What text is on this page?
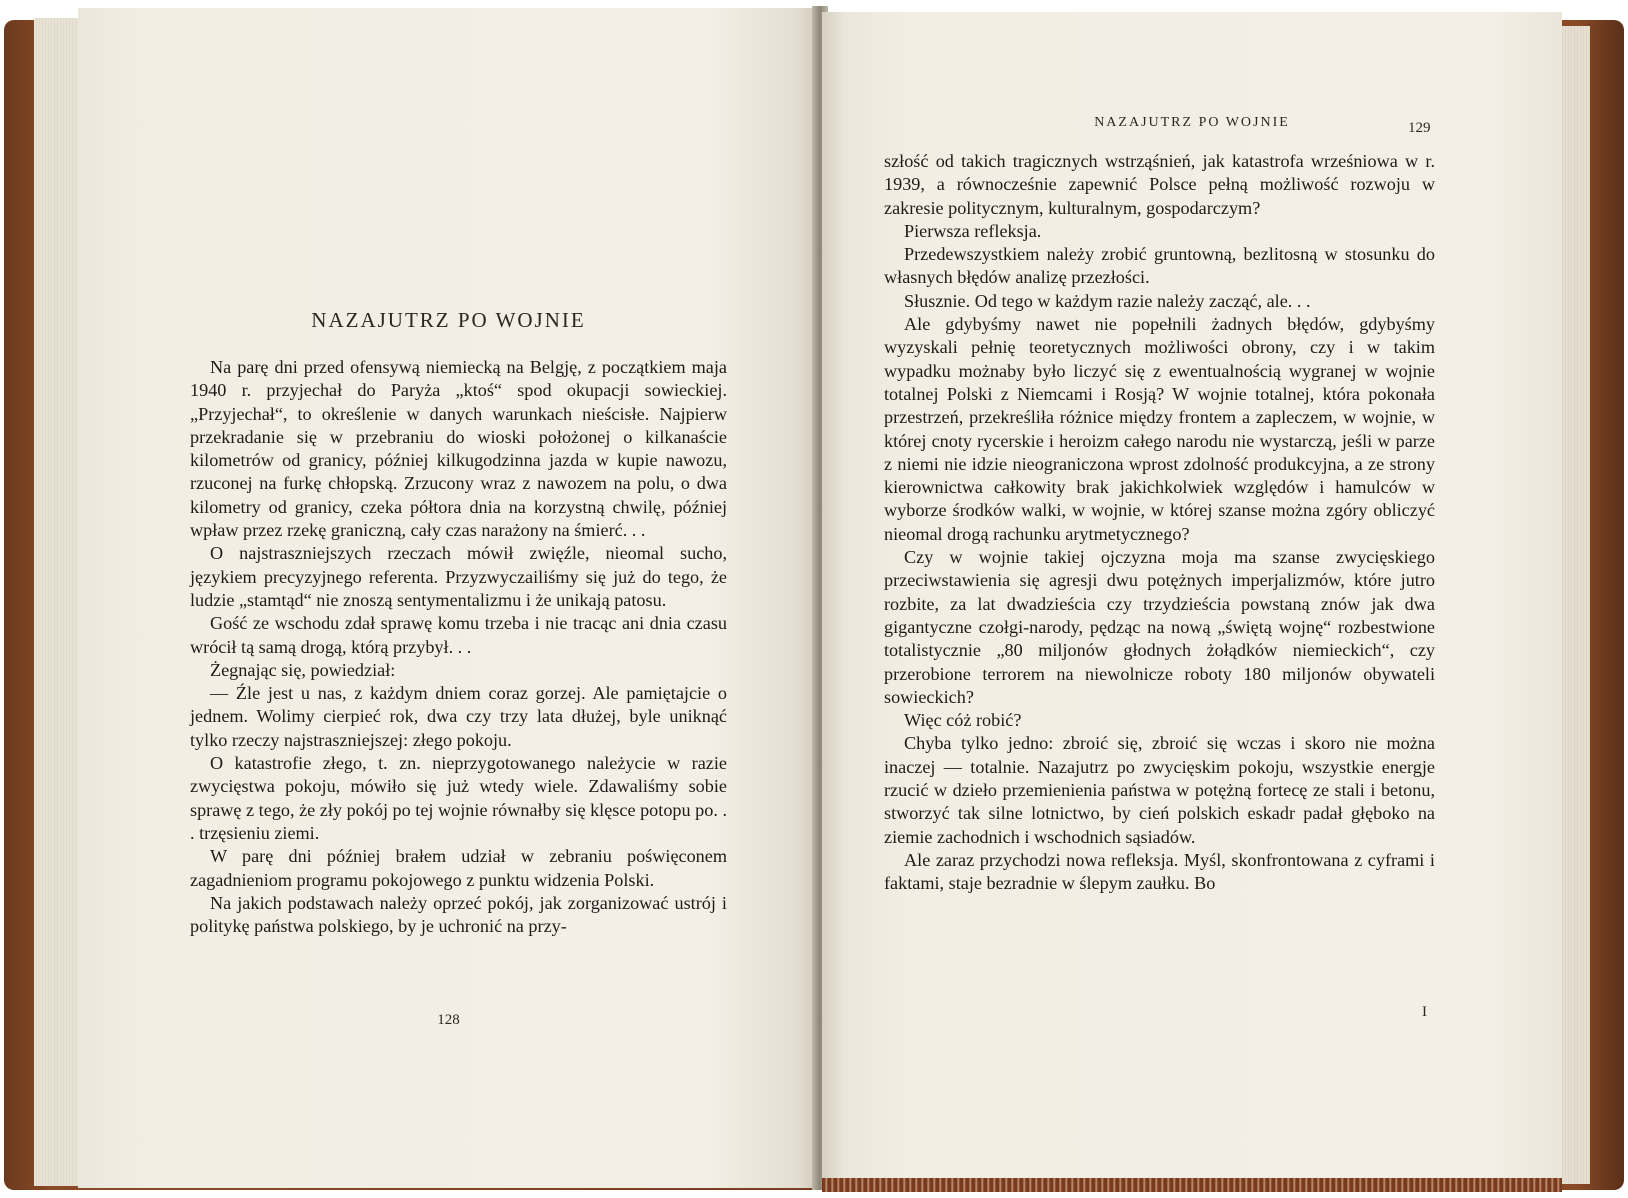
NAZAJUTRZ PO WOJNIE

Na parę dni przed ofensywą niemiecką na Belgję, z początkiem maja 1940 r. przyjechał do Paryża „ktoś“ spod okupacji sowieckiej. „Przyjechał“, to określenie w danych warunkach nieścisłe. Najpierw przekradanie się w przebraniu do wioski położonej o kilkanaście kilometrów od granicy, później kilkugodzinna jazda w kupie nawozu, rzuconej na furkę chłopską. Zrzucony wraz z nawozem na polu, o dwa kilometry od granicy, czeka półtora dnia na korzystną chwilę, później wpław przez rzekę graniczną, cały czas narażony na śmierć. . .

O najstraszniejszych rzeczach mówił zwięźle, nieomal sucho, językiem precyzyjnego referenta. Przyzwyczailiśmy się już do tego, że ludzie „stamtąd“ nie znoszą sentymentalizmu i że unikają patosu.

Gość ze wschodu zdał sprawę komu trzeba i nie tracąc ani dnia czasu wrócił tą samą drogą, którą przybył. . .

Żegnając się, powiedział:

— Źle jest u nas, z każdym dniem coraz gorzej. Ale pamiętajcie o jednem. Wolimy cierpieć rok, dwa czy trzy lata dłużej, byle uniknąć tylko rzeczy najstraszniejszej: złego pokoju.

O katastrofie złego, t. zn. nieprzygotowanego należycie w razie zwycięstwa pokoju, mówiło się już wtedy wiele. Zdawaliśmy sobie sprawę z tego, że zły pokój po tej wojnie równałby się klęsce potopu po. . . trzęsieniu ziemi.

W parę dni później brałem udział w zebraniu poświęconem zagadnieniom programu pokojowego z punktu widzenia Polski.

Na jakich podstawach należy oprzeć pokój, jak zorganizować ustrój i politykę państwa polskiego, by je uchronić na przy-

128
NAZAJUTRZ PO WOJNIE	129

szłość od takich tragicznych wstrząśnień, jak katastrofa wrześniowa w r. 1939, a równocześnie zapewnić Polsce pełną możliwość rozwoju w zakresie politycznym, kulturalnym, gospodarczym?

Pierwsza refleksja.

Przedewszystkiem należy zrobić gruntowną, bezlitosną w stosunku do własnych błędów analizę przezłości.

Słusznie. Od tego w każdym razie należy zacząć, ale. . .

Ale gdybyśmy nawet nie popełnili żadnych błędów, gdybyśmy wyzyskali pełnię teoretycznych możliwości obrony, czy i w takim wypadku możnaby było liczyć się z ewentualnością wygranej w wojnie totalnej Polski z Niemcami i Rosją? W wojnie totalnej, która pokonała przestrzeń, przekreśliła różnice między frontem a zapleczem, w wojnie, w której cnoty rycerskie i heroizm całego narodu nie wystarczą, jeśli w parze z niemi nie idzie nieograniczona wprost zdolność produkcyjna, a ze strony kierownictwa całkowity brak jakichkolwiek względów i hamulców w wyborze środków walki, w wojnie, w której szanse można zgóry obliczyć nieomal drogą rachunku arytmetycznego?

Czy w wojnie takiej ojczyzna moja ma szanse zwycięskiego przeciwstawienia się agresji dwu potężnych imperjalizmów, które jutro rozbite, za lat dwadzieścia czy trzydzieścia powstaną znów jak dwa gigantyczne czołgi-narody, pędząc na nową „świętą wojnę“ rozbestwione totalistycznie „80 miljonów głodnych żołądków niemieckich“, czy przerobione terrorem na niewolnicze roboty 180 miljonów obywateli sowieckich?

Więc cóż robić?

Chyba tylko jedno: zbroić się, zbroić się wczas i skoro nie można inaczej — totalnie. Nazajutrz po zwycięskim pokoju, wszystkie energje rzucić w dzieło przemienienia państwa w potężną fortecę ze stali i betonu, stworzyć tak silne lotnictwo, by cień polskich eskadr padał głęboko na ziemie zachodnich i wschodnich sąsiadów.

Ale zaraz przychodzi nowa refleksja. Myśl, skonfrontowana z cyframi i faktami, staje bezradnie w ślepym zaułku. Bo

I
